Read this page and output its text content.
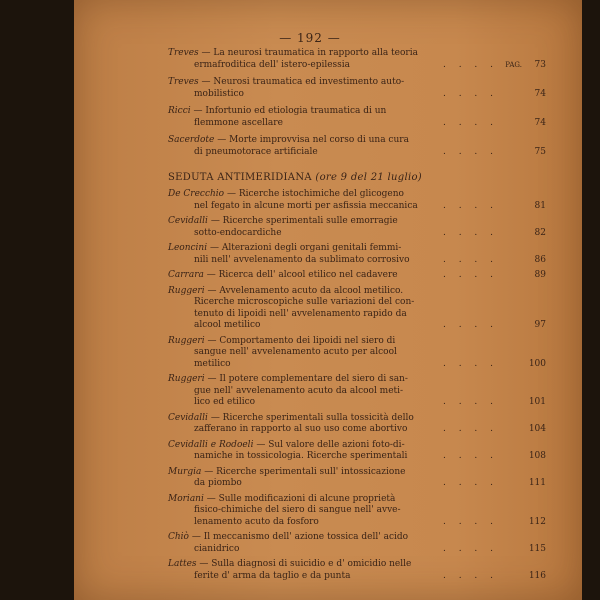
— 192 —
Treves — La neurosi traumatica in rapporto alla teoria
ermafroditica dell' istero-epilessia	. . . . PAG.	73
Treves — Neurosi traumatica ed investimento auto-
mobilistico	. . . .	74
Ricci — Infortunio ed etiologia traumatica di un
flemmone ascellare	. . . .	74
Sacerdote — Morte improvvisa nel corso di una cura
di pneumotorace artificiale	. . . .	75
SEDUTA ANTIMERIDIANA (ore 9 del 21 luglio)
De Crecchio — Ricerche istochimiche del glicogeno
nel fegato in alcune morti per asfissia meccanica	. . . .	81
Cevidalli — Ricerche sperimentali sulle emorragie
sotto-endocardiche	. . . .	82
Leoncini — Alterazioni degli organi genitali femmi-
nili nell' avvelenamento da sublimato corrosivo	. . . .	86
Carrara — Ricerca dell' alcool etilico nel cadavere	. . . .	89
Ruggeri — Avvelenamento acuto da alcool metilico.
Ricerche microscopiche sulle variazioni del con-
tenuto di lipoidi nell' avvelenamento rapido da
alcool metilico	. . . .	97
Ruggeri — Comportamento dei lipoidi nel siero di
sangue nell' avvelenamento acuto per alcool
metilico	. . . .	100
Ruggeri — Il potere complementare del siero di san-
gue nell' avvelenamento acuto da alcool meti-
lico ed etilico	. . . .	101
Cevidalli — Ricerche sperimentali sulla tossicità dello
zafferano in rapporto al suo uso come abortivo	. . . .	104
Cevidalli e Rodoeli — Sul valore delle azioni foto-di-
namiche in tossicologia. Ricerche sperimentali	. . . .	108
Murgia — Ricerche sperimentali sull' intossicazione
da piombo	. . . .	111
Moriani — Sulle modificazioni di alcune proprietà
fisico-chimiche del siero di sangue nell' avve-
lenamento acuto da fosforo	. . . .	112
Chiò — Il meccanismo dell' azione tossica dell' acido
cianidrico	. . . .	115
Lattes — Sulla diagnosi di suicidio e d' omicidio nelle
ferite d' arma da taglio e da punta	. . . .	116
